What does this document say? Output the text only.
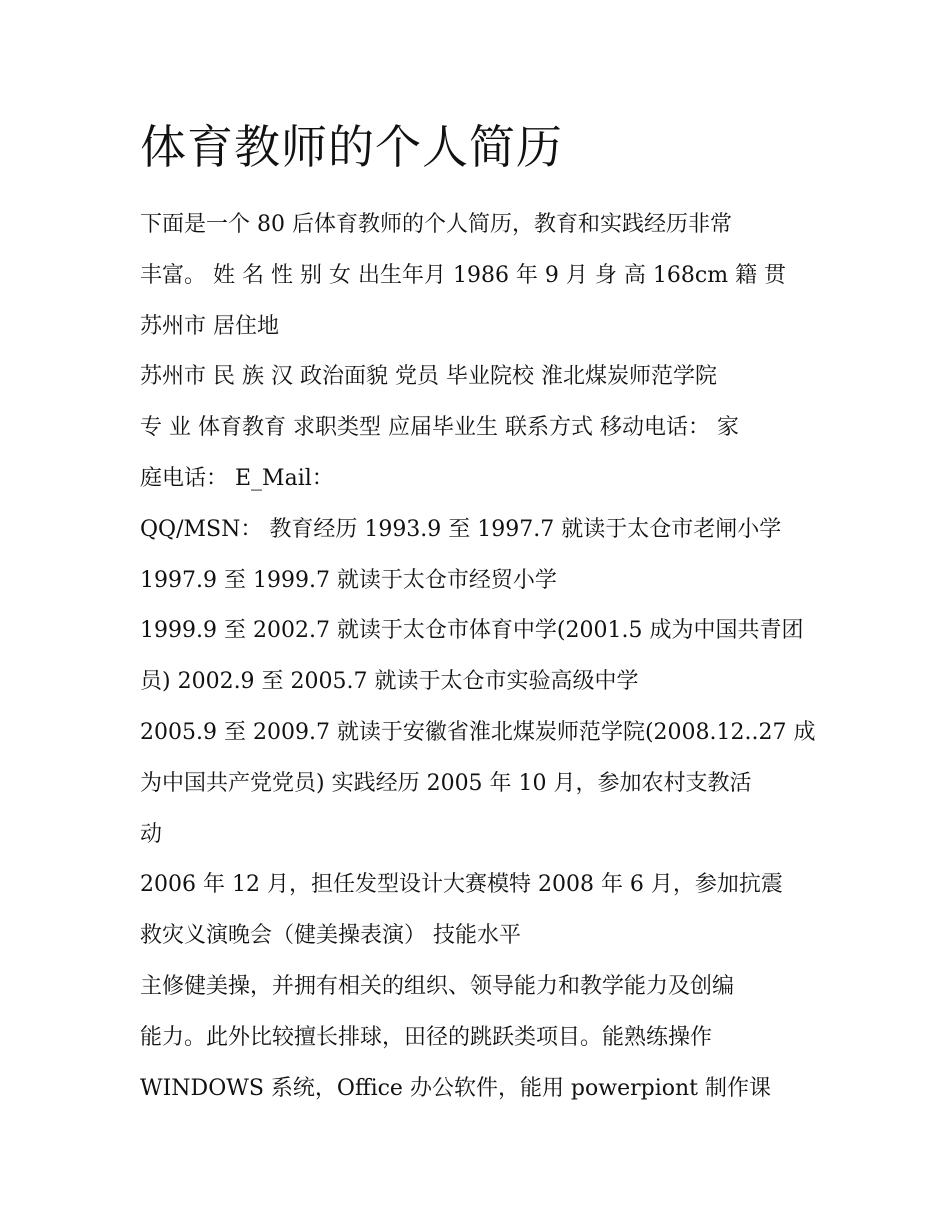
体育教师的个人简历
下面是一个 80 后体育教师的个人简历，教育和实践经历非常
丰富。 姓 名 性 别 女 出生年月 1986 年 9 月 身 高 168cm 籍 贯
苏州市 居住地
苏州市 民 族 汉 政治面貌 党员 毕业院校 淮北煤炭师范学院
专 业 体育教育 求职类型 应届毕业生 联系方式 移动电话： 家
庭电话： E_Mail：
QQ/MSN： 教育经历 1993.9 至 1997.7 就读于太仓市老闸小学
1997.9 至 1999.7 就读于太仓市经贸小学
1999.9 至 2002.7 就读于太仓市体育中学(2001.5 成为中国共青团
员) 2002.9 至 2005.7 就读于太仓市实验高级中学
2005.9 至 2009.7 就读于安徽省淮北煤炭师范学院(2008.12..27 成
为中国共产党党员) 实践经历 2005 年 10 月，参加农村支教活
动
2006 年 12 月，担任发型设计大赛模特 2008 年 6 月，参加抗震
救灾义演晚会（健美操表演） 技能水平
主修健美操，并拥有相关的组织、领导能力和教学能力及创编
能力。此外比较擅长排球，田径的跳跃类项目。能熟练操作
WINDOWS 系统，Office 办公软件，能用 powerpiont 制作课
